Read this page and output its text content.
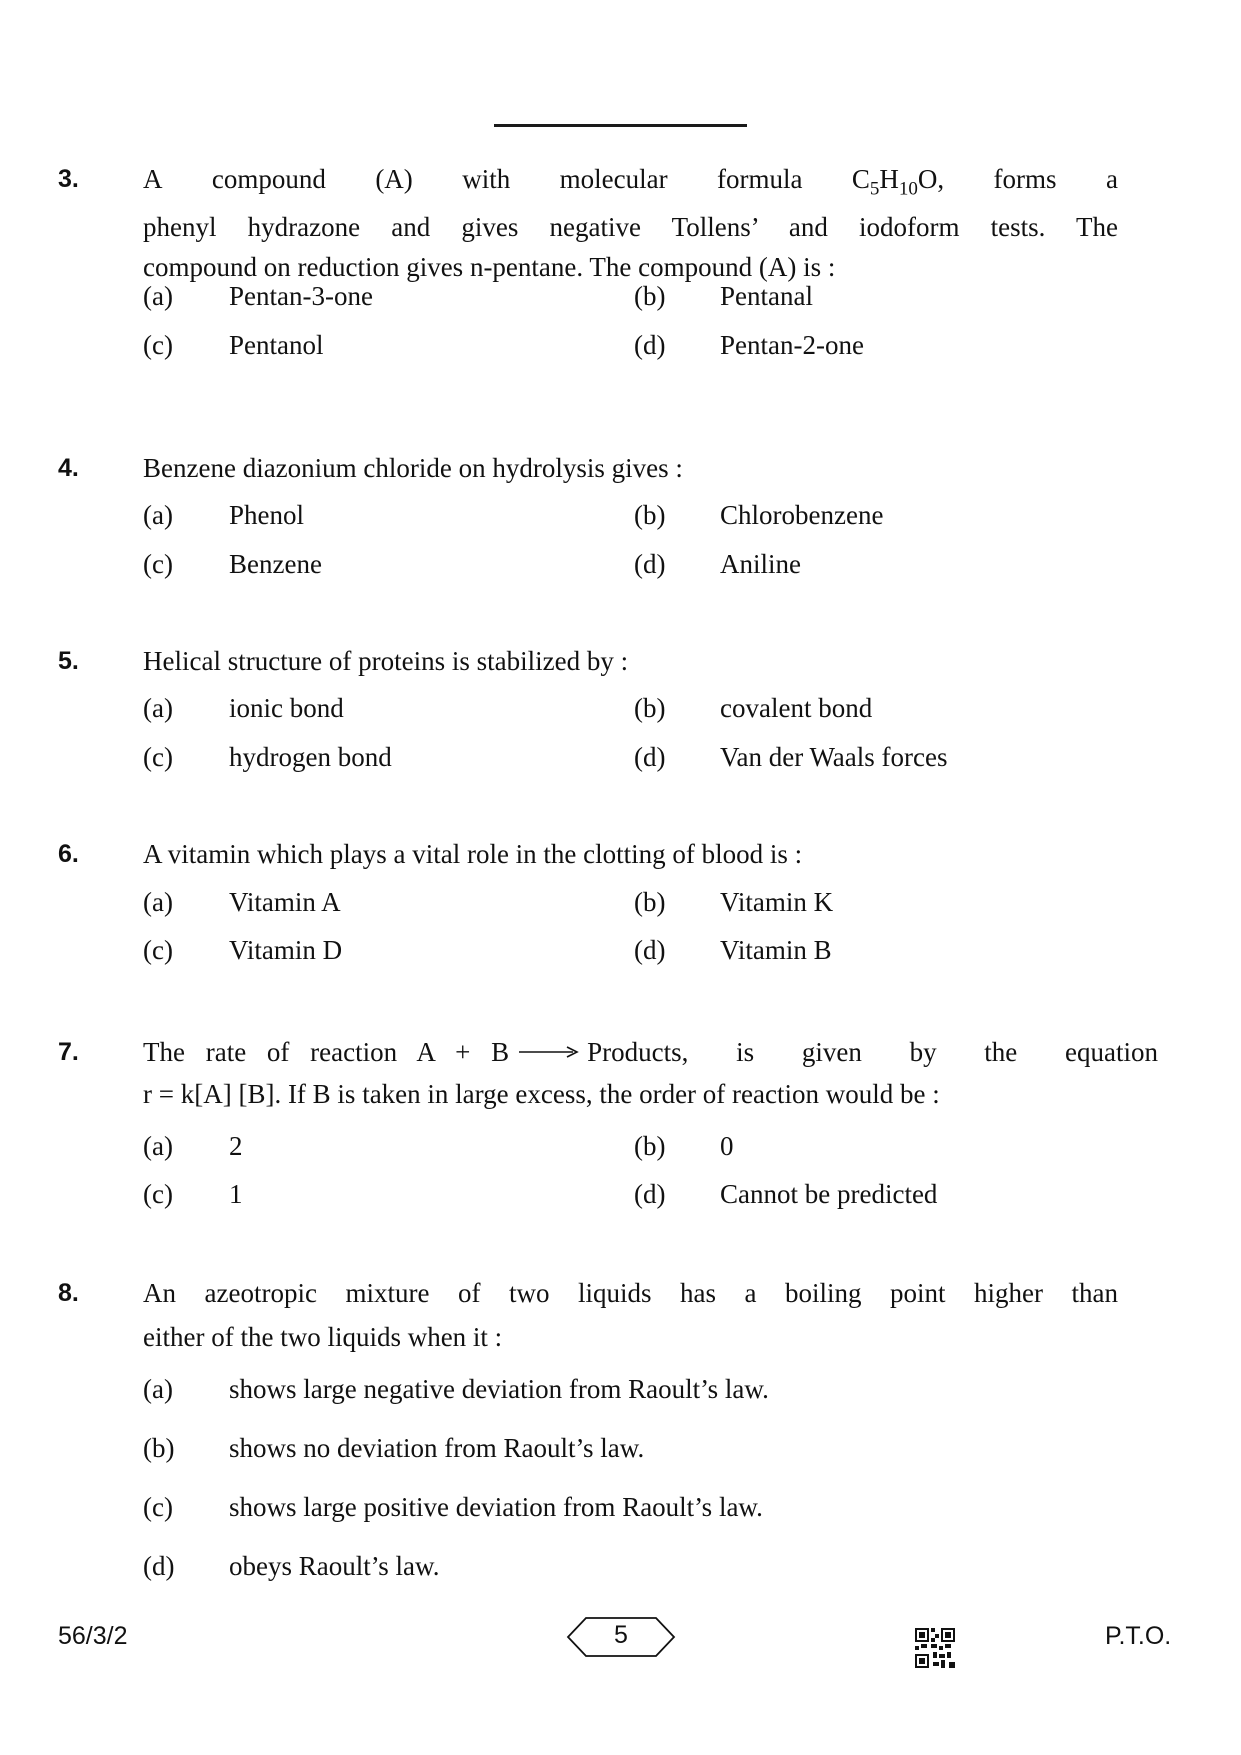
3. A compound (A) with molecular formula $C_5H_{10}O$, forms a
phenyl hydrazone and gives negative Tollens’ and iodoform tests. The
compound on reduction gives n-pentane. The compound (A) is :
(a) Pentan-3-one	(b) Pentanal
(c) Pentanol	(d) Pentan-2-one
4. Benzene diazonium chloride on hydrolysis gives :
(a) Phenol	(b) Chlorobenzene
(c) Benzene	(d) Aniline
5. Helical structure of proteins is stabilized by :
(a) ionic bond	(b) covalent bond
(c) hydrogen bond	(d) Van der Waals forces
6. A vitamin which plays a vital role in the clotting of blood is :
(a) Vitamin A	(b) Vitamin K
(c) Vitamin D	(d) Vitamin B
7. The rate of reaction A + B → Products, is given by the equation
r = k[A] [B]. If B is taken in large excess, the order of reaction would be :
(a) 2	(b) 0
(c) 1	(d) Cannot be predicted
8. An azeotropic mixture of two liquids has a boiling point higher than
either of the two liquids when it :
(a) shows large negative deviation from Raoult’s law.
(b) shows no deviation from Raoult’s law.
(c) shows large positive deviation from Raoult’s law.
(d) obeys Raoult’s law.
56/3/2	5	P.T.O.
